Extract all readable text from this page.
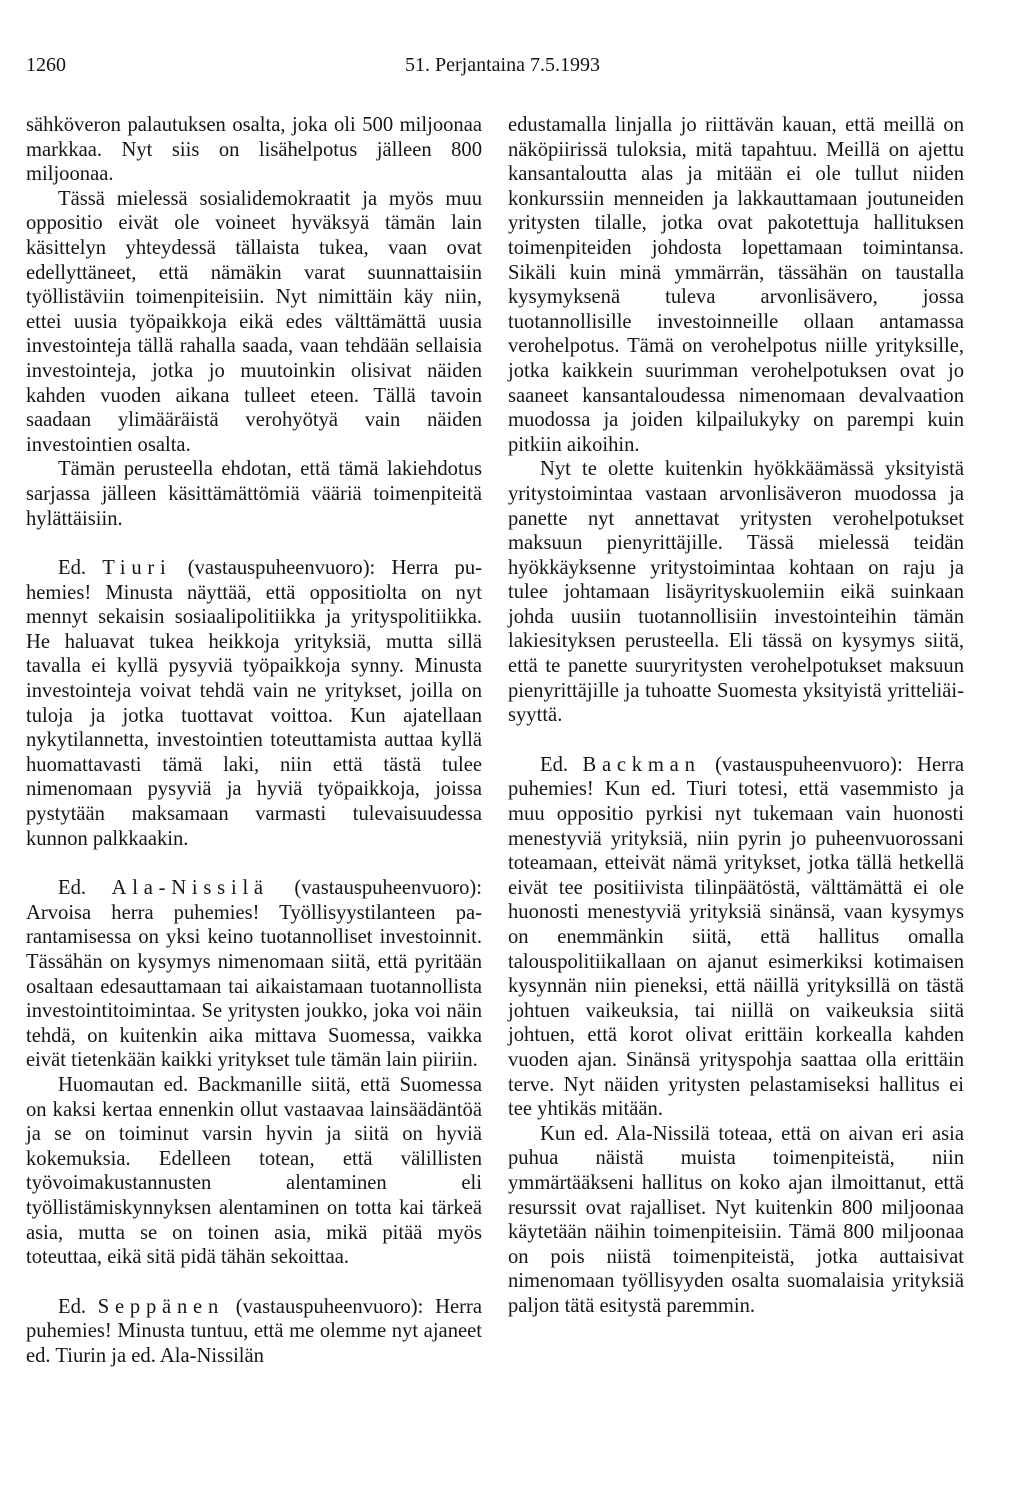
1260	51. Perjantaina 7.5.1993

sähköveron palautuksen osalta, joka oli 500 miljoonaa markkaa. Nyt siis on lisähelpotus jälleen 800 miljoonaa.

Tässä mielessä sosialidemokraatit ja myös muu oppositio eivät ole voineet hyväksyä tämän lain käsittelyn yhteydessä tällaista tukea, vaan ovat edellyttäneet, että nämäkin varat suunnattaisiin työllistäviin toimenpiteisiin. Nyt nimittäin käy niin, ettei uusia työpaikkoja eikä edes välttämättä uusia investointeja tällä rahalla saada, vaan tehdään sellaisia investointeja, jotka jo muutoinkin olisivat näiden kahden vuoden aikana tulleet eteen. Tällä tavoin saadaan ylimääräistä verohyötyä vain näiden investointien osalta.

Tämän perusteella ehdotan, että tämä lakiehdotus sarjassa jälleen käsittämättömiä vääriä toimenpiteitä hylättäisiin.

Ed. Tiuri (vastauspuheenvuoro): Herra puhemies! Minusta näyttää, että oppositiolta on nyt mennyt sekaisin sosiaalipolitiikka ja yrityspolitiikka. He haluavat tukea heikkoja yrityksiä, mutta sillä tavalla ei kyllä pysyviä työpaikkoja synny. Minusta investointeja voivat tehdä vain ne yritykset, joilla on tuloja ja jotka tuottavat voittoa. Kun ajatellaan nykytilannetta, investointien toteuttamista auttaa kyllä huomattavasti tämä laki, niin että tästä tulee nimenomaan pysyviä ja hyviä työpaikkoja, joissa pystytään maksamaan varmasti tulevaisuudessa kunnon palkkaakin.

Ed. Ala-Nissilä (vastauspuheenvuoro): Arvoisa herra puhemies! Työllisyystilanteen parantamisessa on yksi keino tuotannolliset investoinnit. Tässähän on kysymys nimenomaan siitä, että pyritään osaltaan edesauttamaan tai aikaistamaan tuotannollista investointitoimintaa. Se yritysten joukko, joka voi näin tehdä, on kuitenkin aika mittava Suomessa, vaikka eivät tietenkään kaikki yritykset tule tämän lain piiriin.

Huomautan ed. Backmanille siitä, että Suomessa on kaksi kertaa ennenkin ollut vastaavaa lainsäädäntöä ja se on toiminut varsin hyvin ja siitä on hyviä kokemuksia. Edelleen totean, että välillisten työvoimakustannusten alentaminen eli työllistämiskynnyksen alentaminen on totta kai tärkeä asia, mutta se on toinen asia, mikä pitää myös toteuttaa, eikä sitä pidä tähän sekoittaa.

Ed. Seppänen (vastauspuheenvuoro): Herra puhemies! Minusta tuntuu, että me olemme nyt ajaneet ed. Tiurin ja ed. Ala-Nissilän

edustamalla linjalla jo riittävän kauan, että meillä on näköpiirissä tuloksia, mitä tapahtuu. Meillä on ajettu kansantaloutta alas ja mitään ei ole tullut niiden konkurssiin menneiden ja lakkauttamaan joutuneiden yritysten tilalle, jotka ovat pakotettuja hallituksen toimenpiteiden johdosta lopettamaan toimintansa. Sikäli kuin minä ymmärrän, tässähän on taustalla kysymyksenä tuleva arvonlisävero, jossa tuotannollisille investoinneille ollaan antamassa verohelpotus. Tämä on verohelpotus niille yrityksille, jotka kaikkein suurimman verohelpotuksen ovat jo saaneet kansantaloudessa nimenomaan devalvaation muodossa ja joiden kilpailukyky on parempi kuin pitkiin aikoihin.

Nyt te olette kuitenkin hyökkäämässä yksityistä yritystoimintaa vastaan arvonlisäveron muodossa ja panette nyt annettavat yritysten verohelpotukset maksuun pienyrittäjille. Tässä mielessä teidän hyökkäyksenne yritystoimintaa kohtaan on raju ja tulee johtamaan lisäyrityskuolemiin eikä suinkaan johda uusiin tuotannollisiin investointeihin tämän lakiesityksen perusteella. Eli tässä on kysymys siitä, että te panette suuryritysten verohelpotukset maksuun pienyrittäjille ja tuhoatte Suomesta yksityistä yritteliäisyyttä.

Ed. Backman (vastauspuheenvuoro): Herra puhemies! Kun ed. Tiuri totesi, että vasemmisto ja muu oppositio pyrkisi nyt tukemaan vain huonosti menestyviä yrityksiä, niin pyrin jo puheenvuorossani toteamaan, etteivät nämä yritykset, jotka tällä hetkellä eivät tee positiivista tilinpäätöstä, välttämättä ei ole huonosti menestyviä yrityksiä sinänsä, vaan kysymys on enemmänkin siitä, että hallitus omalla talouspolitiikallaan on ajanut esimerkiksi kotimaisen kysynnän niin pieneksi, että näillä yrityksillä on tästä johtuen vaikeuksia, tai niillä on vaikeuksia siitä johtuen, että korot olivat erittäin korkealla kahden vuoden ajan. Sinänsä yrityspohja saattaa olla erittäin terve. Nyt näiden yritysten pelastamiseksi hallitus ei tee yhtikäs mitään.

Kun ed. Ala-Nissilä toteaa, että on aivan eri asia puhua näistä muista toimenpiteistä, niin ymmärtääkseni hallitus on koko ajan ilmoittanut, että resurssit ovat rajalliset. Nyt kuitenkin 800 miljoonaa käytetään näihin toimenpiteisiin. Tämä 800 miljoonaa on pois niistä toimenpiteistä, jotka auttaisivat nimenomaan työllisyyden osalta suomalaisia yrityksiä paljon tätä esitystä paremmin.
